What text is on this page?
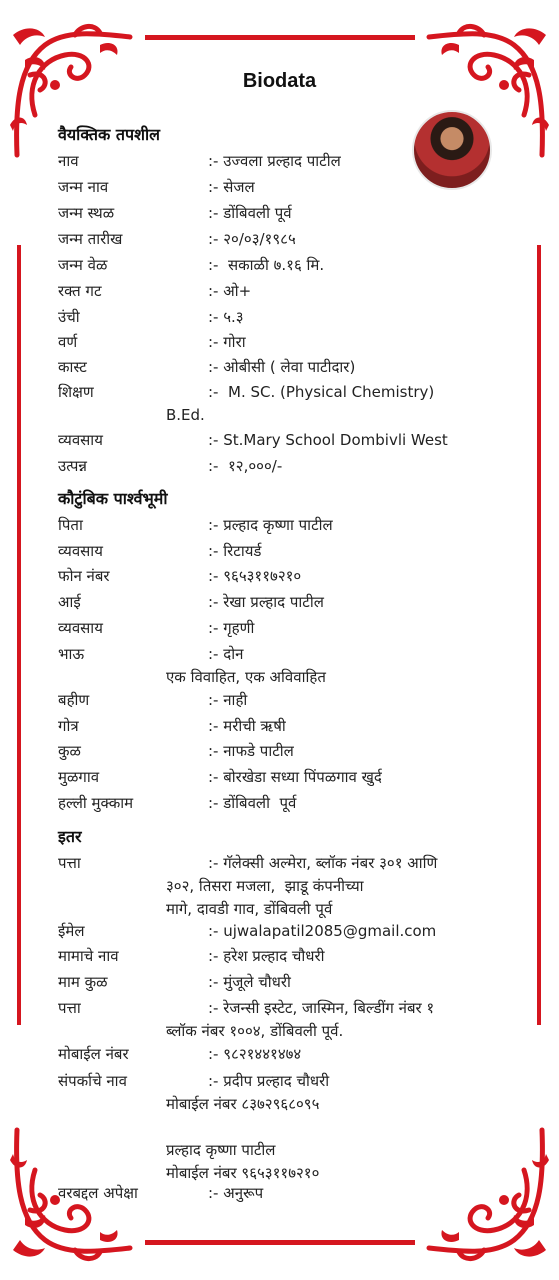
Biodata
वैयक्तिक तपशील
नाव	:- उज्वला प्रल्हाद पाटील
जन्म नाव	:- सेजल
जन्म स्थळ	:- डोंबिवली पूर्व
जन्म तारीख	:- २०/०३/१९८५
जन्म वेळ	:-  सकाळी ७.१६ मि.
रक्त गट	:- ओ+
उंची	:- ५.३
वर्ण	:- गोरा
कास्ट	:- ओबीसी ( लेवा पाटीदार)
शिक्षण	:-  M. SC. (Physical Chemistry)
B.Ed.
व्यवसाय	:- St.Mary School Dombivli West
उत्पन्न	:-  १२,०००/-
कौटुंबिक पार्श्वभूमी
पिता	:- प्रल्हाद कृष्णा पाटील
व्यवसाय	:- रिटायर्ड
फोन नंबर	:- ९६५३११७२१०
आई	:- रेखा प्रल्हाद पाटील
व्यवसाय	:- गृहणी
भाऊ	:- दोन
एक विवाहित, एक अविवाहित
बहीण	:- नाही
गोत्र	:- मरीची ऋषी
कुळ	:- नाफडे पाटील
मुळगाव	:- बोरखेडा सध्या पिंपळगाव खुर्द
हल्ली मुक्काम	:- डोंबिवली  पूर्व
इतर
पत्ता	:- गॅलेक्सी अल्मेरा, ब्लॉक नंबर ३०१ आणि
३०२, तिसरा मजला,  झाडू कंपनीच्या
मागे, दावडी गाव, डोंबिवली पूर्व
ईमेल	:- ujwalapatil2085@gmail.com
मामाचे नाव	:- हरेश प्रल्हाद चौधरी
माम कुळ	:- मुंजूले चौधरी
पत्ता	:- रेजन्सी इस्टेट, जास्मिन, बिल्डींग नंबर १
ब्लॉक नंबर १००४, डोंबिवली पूर्व.
मोबाईल नंबर	:- ९८२१४४१४७४
संपर्काचे नाव	:- प्रदीप प्रल्हाद चौधरी
मोबाईल नंबर ८३७२९६८०९५

प्रल्हाद कृष्णा पाटील
मोबाईल नंबर ९६५३११७२१०
वरबद्दल अपेक्षा	:- अनुरूप
